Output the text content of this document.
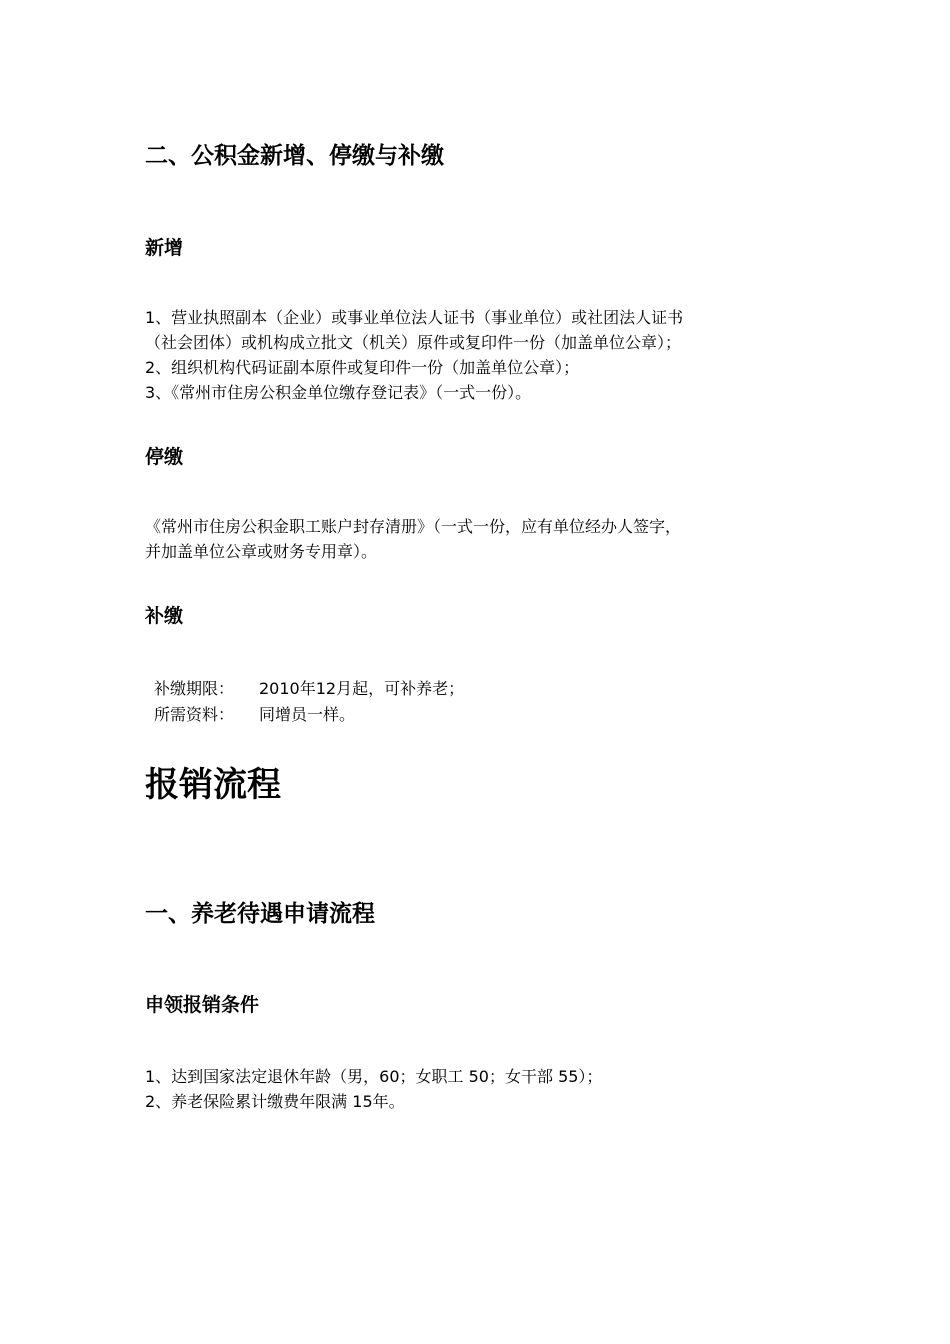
二、公积金新增、停缴与补缴
新增
1、营业执照副本（企业）或事业单位法人证书（事业单位）或社团法人证书
（社会团体）或机构成立批文（机关）原件或复印件一份（加盖单位公章）；
2、组织机构代码证副本原件或复印件一份（加盖单位公章）；
3、《常州市住房公积金单位缴存登记表》（一式一份）。
停缴
《常州市住房公积金职工账户封存清册》（一式一份，应有单位经办人签字，
并加盖单位公章或财务专用章）。
补缴
补缴期限： 2010年12月起，可补养老；
所需资料： 同增员一样。
报销流程
一、养老待遇申请流程
申领报销条件
1、达到国家法定退休年龄（男，60；女职工 50；女干部 55）；
2、养老保险累计缴费年限满 15年。
